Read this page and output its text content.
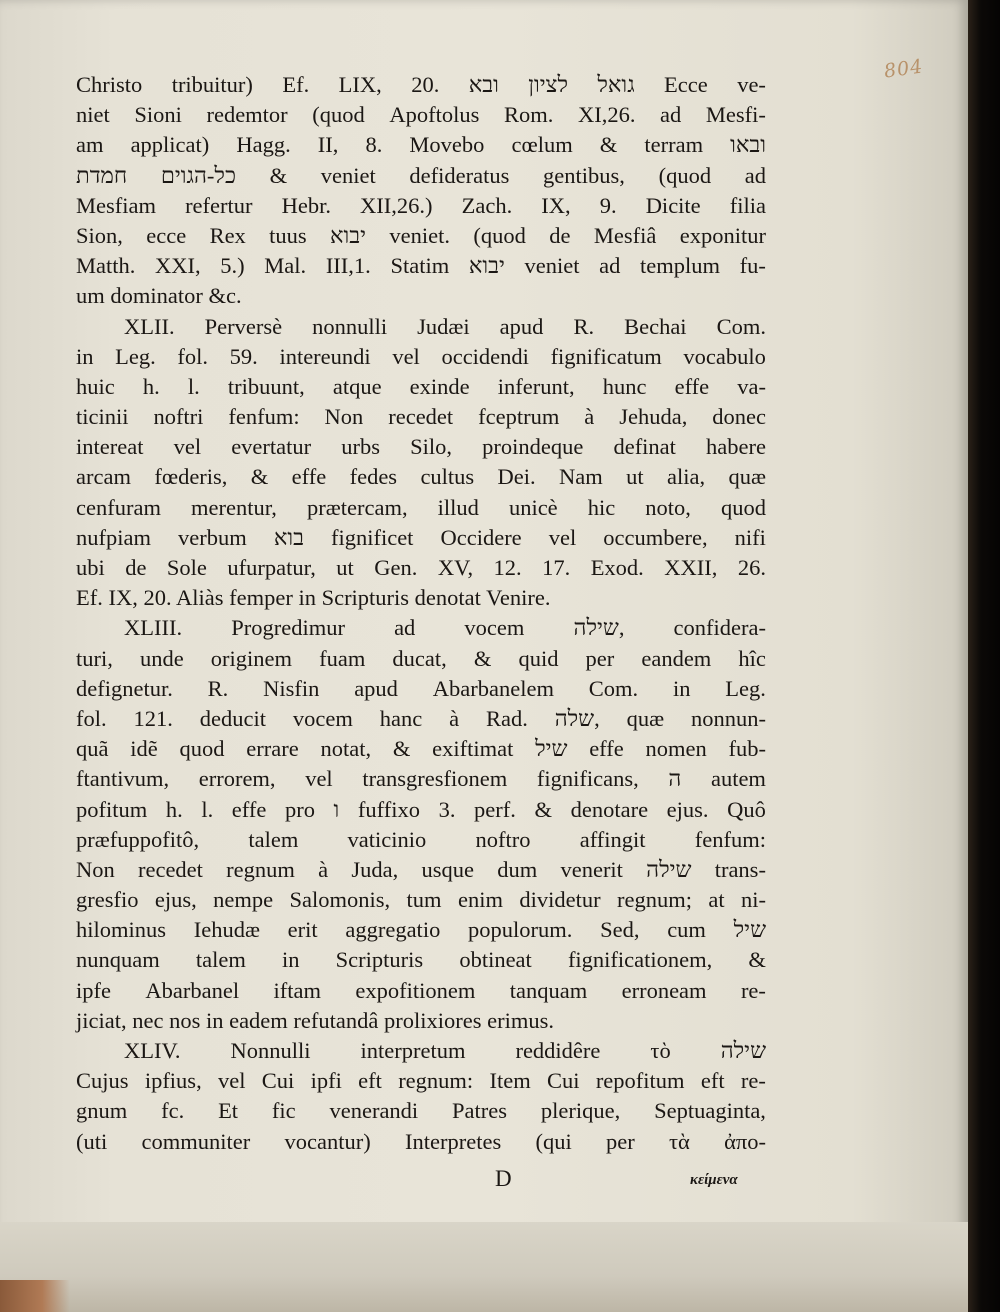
804
Christo tribuitur) Ef. LIX, 20. ובא לציון גואל Ecce ve-
niet Sioni redemtor (quod Apoftolus Rom. XI,26. ad Mesfi-
am applicat) Hagg. II, 8. Movebo cœlum & terram ובאו
חמדת כל-הגוים & veniet defideratus gentibus, (quod ad
Mesfiam refertur Hebr. XII,26.) Zach. IX, 9. Dicite filia
Sion, ecce Rex tuus יבוא veniet. (quod de Mesfiâ exponitur
Matth. XXI, 5.) Mal. III,1. Statim יבוא veniet ad templum fu-
um dominator &c.
XLII. Perversè nonnulli Judæi apud R. Bechai Com.
in Leg. fol. 59. intereundi vel occidendi fignificatum vocabulo
huic h. l. tribuunt, atque exinde inferunt, hunc effe va-
ticinii noftri fenfum: Non recedet fceptrum à Jehuda, donec
intereat vel evertatur urbs Silo, proindeque definat habere
arcam fœderis, & effe fedes cultus Dei. Nam ut alia, quæ
cenfuram merentur, prætercam, illud unicè hic noto, quod
nufpiam verbum בוא fignificet Occidere vel occumbere, nifi
ubi de Sole ufurpatur, ut Gen. XV, 12. 17. Exod. XXII, 26.
Ef. IX, 20. Aliàs femper in Scripturis denotat Venire.
XLIII. Progredimur ad vocem שילה, confidera-
turi, unde originem fuam ducat, & quid per eandem hîc
defignetur. R. Nisfin apud Abarbanelem Com. in Leg.
fol. 121. deducit vocem hanc à Rad. שלה, quæ nonnun-
quã idẽ quod errare notat, & exiftimat שיל effe nomen fub-
ftantivum, errorem, vel transgresfionem fignificans, ה autem
pofitum h. l. effe pro ו fuffixo 3. perf. & denotare ejus. Quô
præfuppofitô, talem vaticinio noftro affingit fenfum:
Non recedet regnum à Juda, usque dum venerit שילה trans-
gresfio ejus, nempe Salomonis, tum enim dividetur regnum; at ni-
hilominus Iehudæ erit aggregatio populorum. Sed, cum שיל
nunquam talem in Scripturis obtineat fignificationem, &
ipfe Abarbanel iftam expofitionem tanquam erroneam re-
jiciat, nec nos in eadem refutandâ prolixiores erimus.
XLIV. Nonnulli interpretum reddidêre τὸ שילה
Cujus ipfius, vel Cui ipfi eft regnum: Item Cui repofitum eft re-
gnum fc. Et fic venerandi Patres plerique, Septuaginta,
(uti communiter vocantur) Interpretes (qui per τὰ ἀπο-
D	κείμενα
